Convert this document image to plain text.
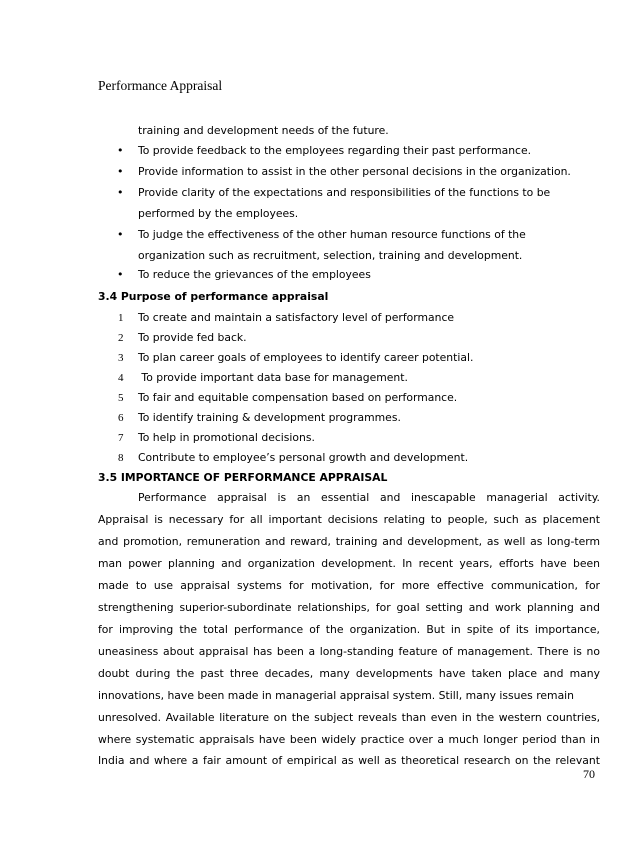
Performance Appraisal
training and development needs of the future.
• To provide feedback to the employees regarding their past performance.
• Provide information to assist in the other personal decisions in the organization.
• Provide clarity of the expectations and responsibilities of the functions to be
performed by the employees.
• To judge the effectiveness of the other human resource functions of the
organization such as recruitment, selection, training and development.
• To reduce the grievances of the employees
3.4 Purpose of performance appraisal
1 To create and maintain a satisfactory level of performance
2 To provide fed back.
3 To plan career goals of employees to identify career potential.
4 To provide important data base for management.
5 To fair and equitable compensation based on performance.
6 To identify training & development programmes.
7 To help in promotional decisions.
8 Contribute to employee’s personal growth and development.
3.5 IMPORTANCE OF PERFORMANCE APPRAISAL
Performance appraisal is an essential and inescapable managerial activity.
Appraisal is necessary for all important decisions relating to people, such as placement
and promotion, remuneration and reward, training and development, as well as long-term
man power planning and organization development. In recent years, efforts have been
made to use appraisal systems for motivation, for more effective communication, for
strengthening superior-subordinate relationships, for goal setting and work planning and
for improving the total performance of the organization. But in spite of its importance,
uneasiness about appraisal has been a long-standing feature of management. There is no
doubt during the past three decades, many developments have taken place and many
innovations, have been made in managerial appraisal system. Still, many issues remain
unresolved. Available literature on the subject reveals than even in the western countries,
where systematic appraisals have been widely practice over a much longer period than in
India and where a fair amount of empirical as well as theoretical research on the relevant
70
